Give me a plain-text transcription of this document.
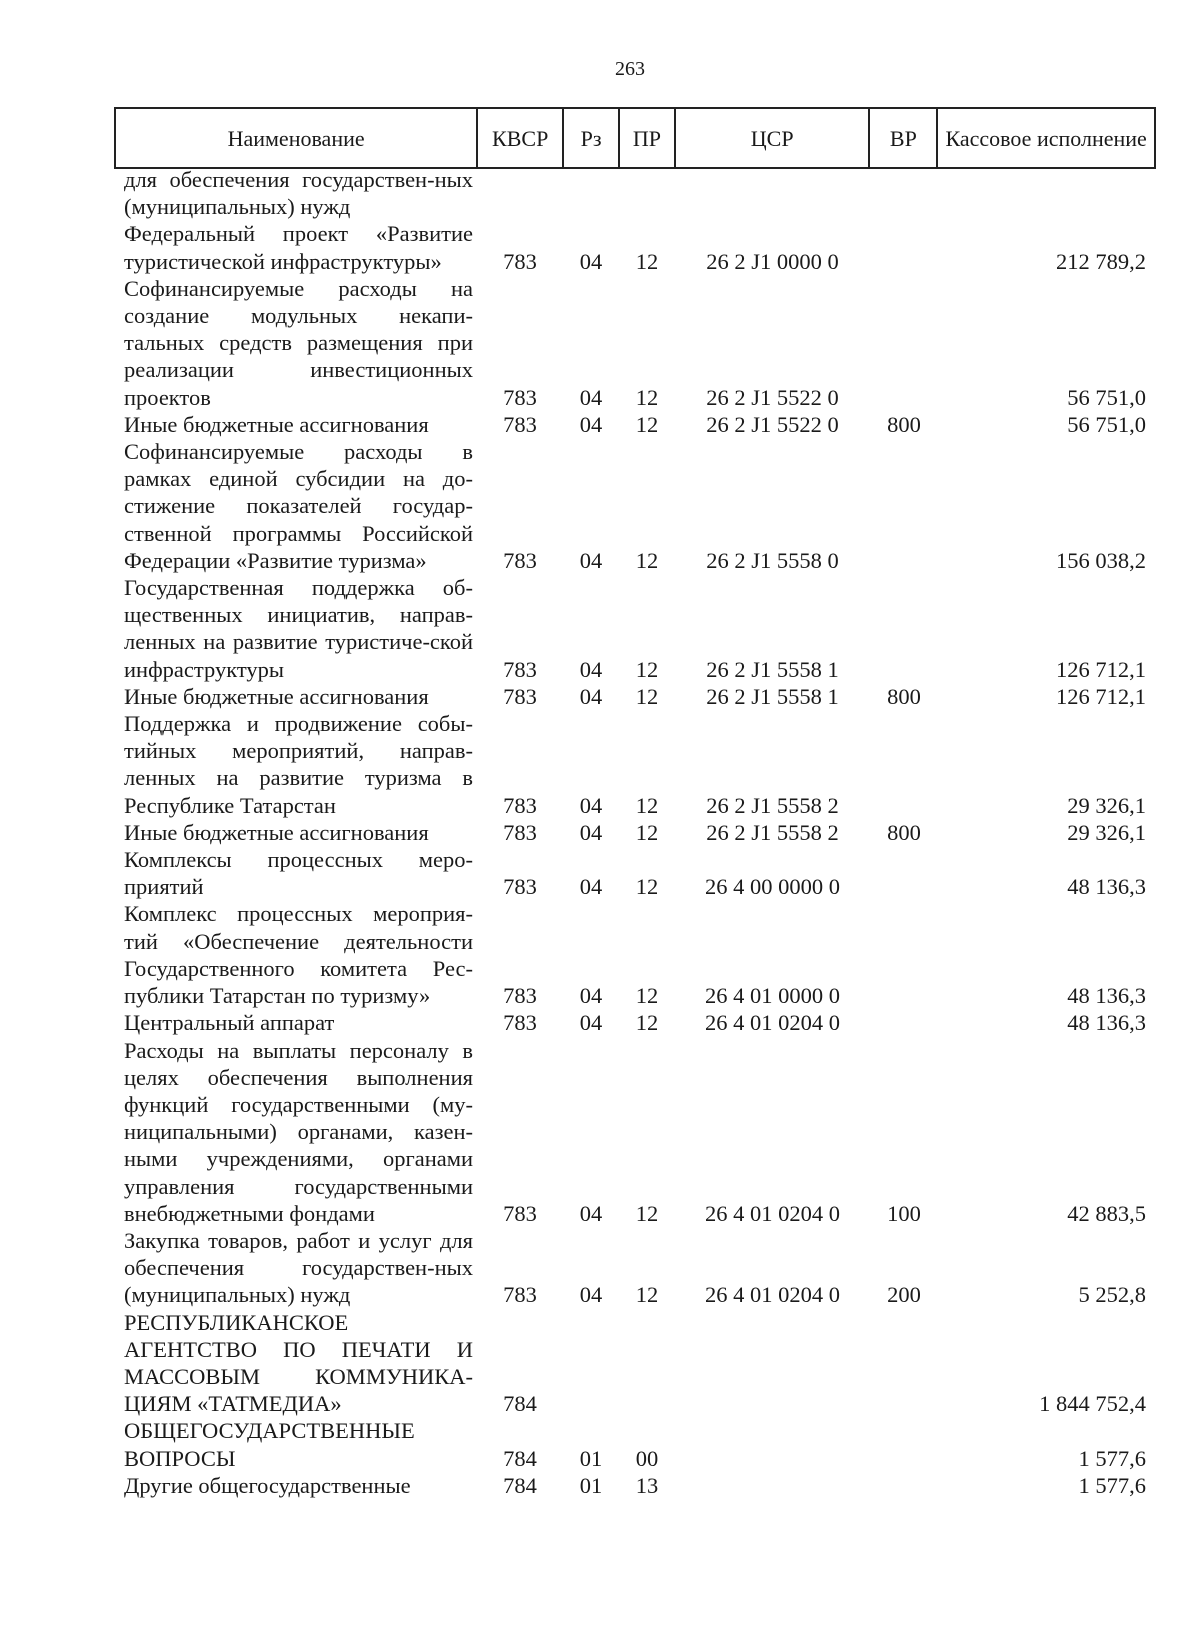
263
Наименование	КВСР	Рз	ПР	ЦСР	ВР	Кассовое исполнение
для обеспечения государствен-ных (муниципальных) нужд						
Федеральный проект «Развитие туристической инфраструктуры»	783	04	12	26 2 J1 0000 0		212 789,2
Софинансируемые расходы на создание модульных некапи-тальных средств размещения при реализации инвестиционных проектов	783	04	12	26 2 J1 5522 0		56 751,0
Иные бюджетные ассигнования	783	04	12	26 2 J1 5522 0	800	56 751,0
Софинансируемые расходы в рамках единой субсидии на до-стижение показателей государ-ственной программы Российской Федерации «Развитие туризма»	783	04	12	26 2 J1 5558 0		156 038,2
Государственная поддержка об-щественных инициатив, направ-ленных на развитие туристиче-ской инфраструктуры	783	04	12	26 2 J1 5558 1		126 712,1
Иные бюджетные ассигнования	783	04	12	26 2 J1 5558 1	800	126 712,1
Поддержка и продвижение собы-тийных мероприятий, направ-ленных на развитие туризма в Республике Татарстан	783	04	12	26 2 J1 5558 2		29 326,1
Иные бюджетные ассигнования	783	04	12	26 2 J1 5558 2	800	29 326,1
Комплексы процессных меро-приятий	783	04	12	26 4 00 0000 0		48 136,3
Комплекс процессных мероприя-тий «Обеспечение деятельности Государственного комитета Рес-публики Татарстан по туризму»	783	04	12	26 4 01 0000 0		48 136,3
Центральный аппарат	783	04	12	26 4 01 0204 0		48 136,3
Расходы на выплаты персоналу в целях обеспечения выполнения функций государственными (му-ниципальными) органами, казен-ными учреждениями, органами управления государственными внебюджетными фондами	783	04	12	26 4 01 0204 0	100	42 883,5
Закупка товаров, работ и услуг для обеспечения государствен-ных (муниципальных) нужд	783	04	12	26 4 01 0204 0	200	5 252,8
РЕСПУБЛИКАНСКОЕ АГЕНТСТВО ПО ПЕЧАТИ И МАССОВЫМ КОММУНИКА-ЦИЯМ «ТАТМЕДИА»	784					1 844 752,4
ОБЩЕГОСУДАРСТВЕННЫЕ ВОПРОСЫ	784	01	00			1 577,6
Другие общегосударственные	784	01	13			1 577,6
